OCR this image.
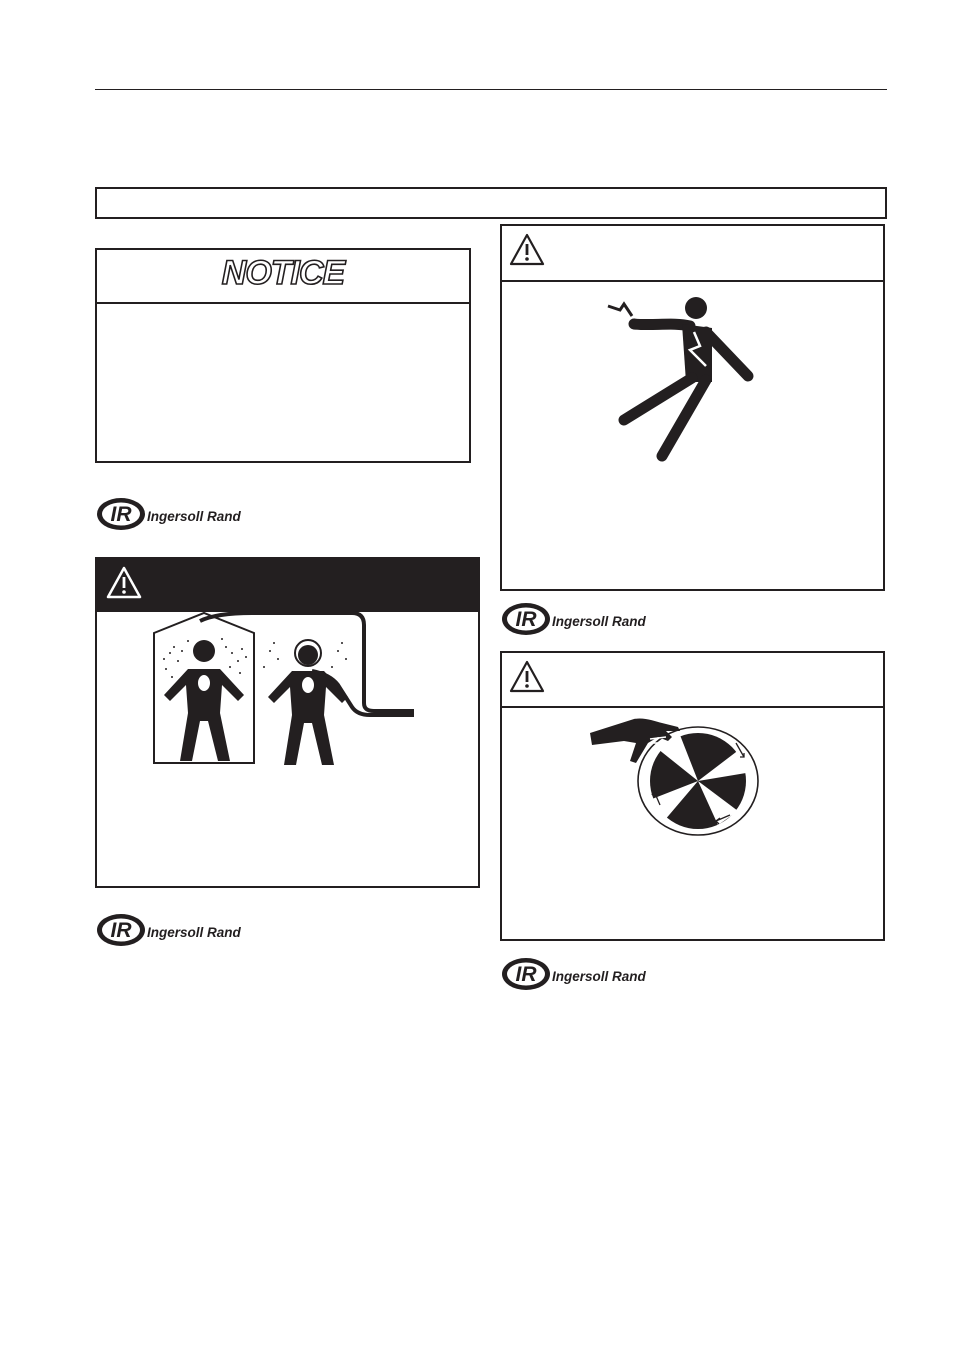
NOTICE
IR Ingersoll Rand
IR Ingersoll Rand
IR Ingersoll Rand
IR Ingersoll Rand
